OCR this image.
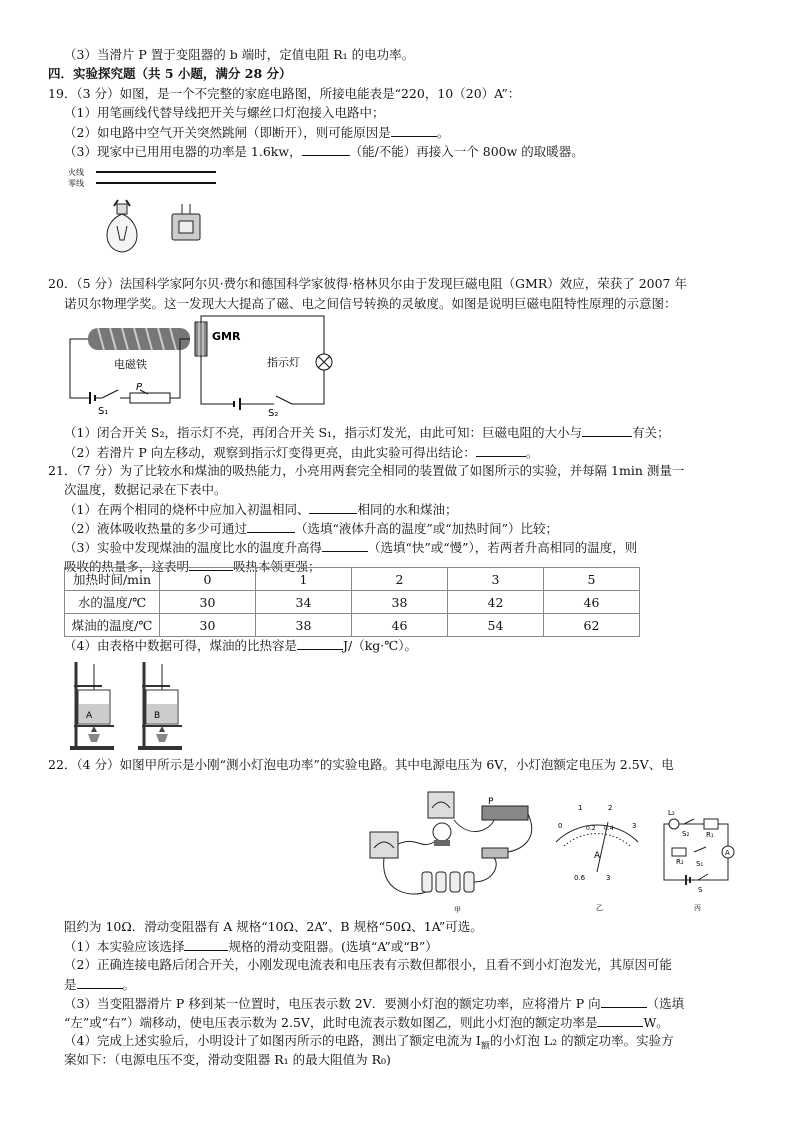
（3）当滑片 P 置于变阻器的 b 端时，定值电阻 R₁ 的电功率。
四．实验探究题（共 5 小题，满分 28 分）
19．（3 分）如图，是一个不完整的家庭电路图，所接电能表是“220，10（20）A”：
（1）用笔画线代替导线把开关与螺丝口灯泡接入电路中；
（2）如电路中空气开关突然跳闸（即断开），则可能原因是	。
（3）现家中已用用电器的功率是 1.6kw，	（能/不能）再接入一个 800w 的取暖器。
火线
零线
20．（5 分）法国科学家阿尔贝·费尔和德国科学家彼得·格林贝尔由于发现巨磁电阻（GMR）效应，荣获了 2007 年
诺贝尔物理学奖。这一发现大大提高了磁、电之间信号转换的灵敏度。如图是说明巨磁电阻特性原理的示意图：
电磁铁
S₁
P
GMR
指示灯
S₂
（1）闭合开关 S₂，指示灯不亮，再闭合开关 S₁，指示灯发光，由此可知：巨磁电阻的大小与	有关；
（2）若滑片 P 向左移动，观察到指示灯变得更亮，由此实验可得出结论：	。
21．（7 分）为了比较水和煤油的吸热能力，小亮用两套完全相同的装置做了如图所示的实验，并每隔 1min 测量一
次温度，数据记录在下表中。
（1）在两个相同的烧杯中应加入初温相同、	相同的水和煤油；
（2）液体吸收热量的多少可通过	（选填“液体升高的温度”或“加热时间”）比较；
（3）实验中发现煤油的温度比水的温度升高得	（选填“快”或“慢”），若两者升高相同的温度，则
吸收的热量多，这表明	吸热本领更强；
加热时间/min	0	1	2	3	5
水的温度/℃	30	34	38	42	46
煤油的温度/℃	30	38	46	54	62
（4）由表格中数据可得，煤油的比热容是	J/（kg·℃）。
A	B
22．（4 分）如图甲所示是小刚“测小灯泡电功率”的实验电路。其中电源电压为 6V，小灯泡额定电压为 2.5V、电
P
甲
0
1	2
3
0.2 0.4
A
0.6	3
乙
L₂
S₂ R₁
A
R₂ S₁
S
丙
阻约为 10Ω．滑动变阻器有 A 规格“10Ω、2A”、B 规格“50Ω、1A”可选。
（1）本实验应该选择	规格的滑动变阻器。(选填“A”或“B”）
（2）正确连接电路后闭合开关，小刚发现电流表和电压表有示数但都很小，且看不到小灯泡发光，其原因可能
是	。
（3）当变阻器滑片 P 移到某一位置时，电压表示数 2V．要测小灯泡的额定功率，应将滑片 P 向	（选填
“左”或“右”）端移动，使电压表示数为 2.5V，此时电流表示数如图乙，则此小灯泡的额定功率是	W。
（4）完成上述实验后，小明设计了如图丙所示的电路，测出了额定电流为 $I_额$的小灯泡 L₂ 的额定功率。实验方
案如下：（电源电压不变，滑动变阻器 R₁ 的最大阻值为 R₀)
